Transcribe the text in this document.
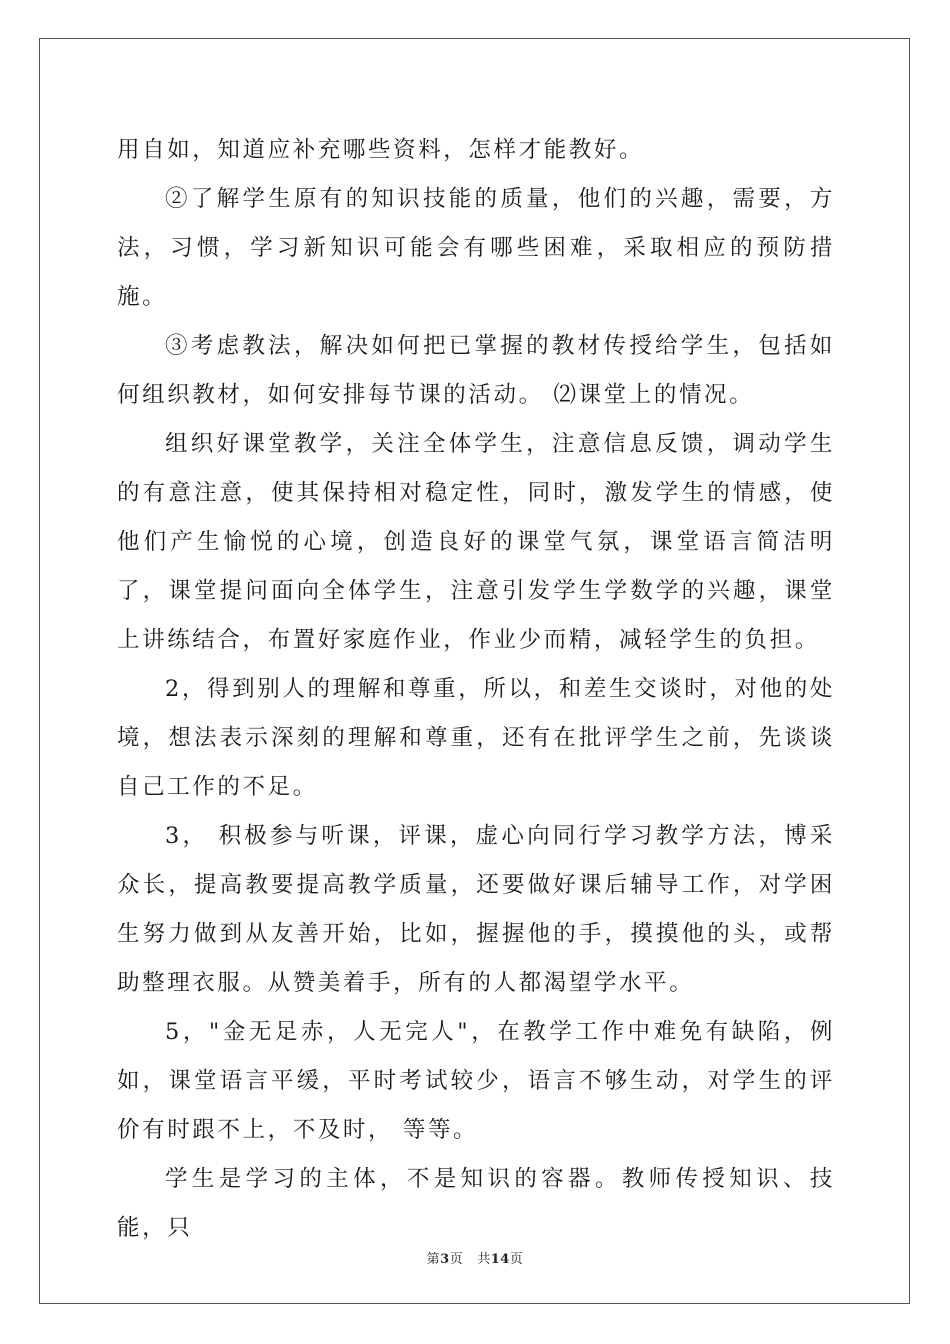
用自如，知道应补充哪些资料，怎样才能教好。

②了解学生原有的知识技能的质量，他们的兴趣，需要，方法，习惯，学习新知识可能会有哪些困难，采取相应的预防措施。

③考虑教法，解决如何把已掌握的教材传授给学生，包括如何组织教材，如何安排每节课的活动。 ⑵课堂上的情况。

组织好课堂教学，关注全体学生，注意信息反馈，调动学生的有意注意，使其保持相对稳定性，同时，激发学生的情感，使他们产生愉悦的心境，创造良好的课堂气氛，课堂语言简洁明了，课堂提问面向全体学生，注意引发学生学数学的兴趣，课堂上讲练结合，布置好家庭作业，作业少而精，减轻学生的负担。

2，得到别人的理解和尊重，所以，和差生交谈时，对他的处境，想法表示深刻的理解和尊重，还有在批评学生之前，先谈谈自己工作的不足。

3， 积极参与听课，评课，虚心向同行学习教学方法，博采众长，提高教要提高教学质量，还要做好课后辅导工作，对学困生努力做到从友善开始，比如，握握他的手，摸摸他的头，或帮助整理衣服。从赞美着手，所有的人都渴望学水平。

5，"金无足赤，人无完人"，在教学工作中难免有缺陷，例如，课堂语言平缓，平时考试较少，语言不够生动，对学生的评价有时跟不上，不及时， 等等。

学生是学习的主体，不是知识的容器。教师传授知识、技能，只

第3页 共14页
